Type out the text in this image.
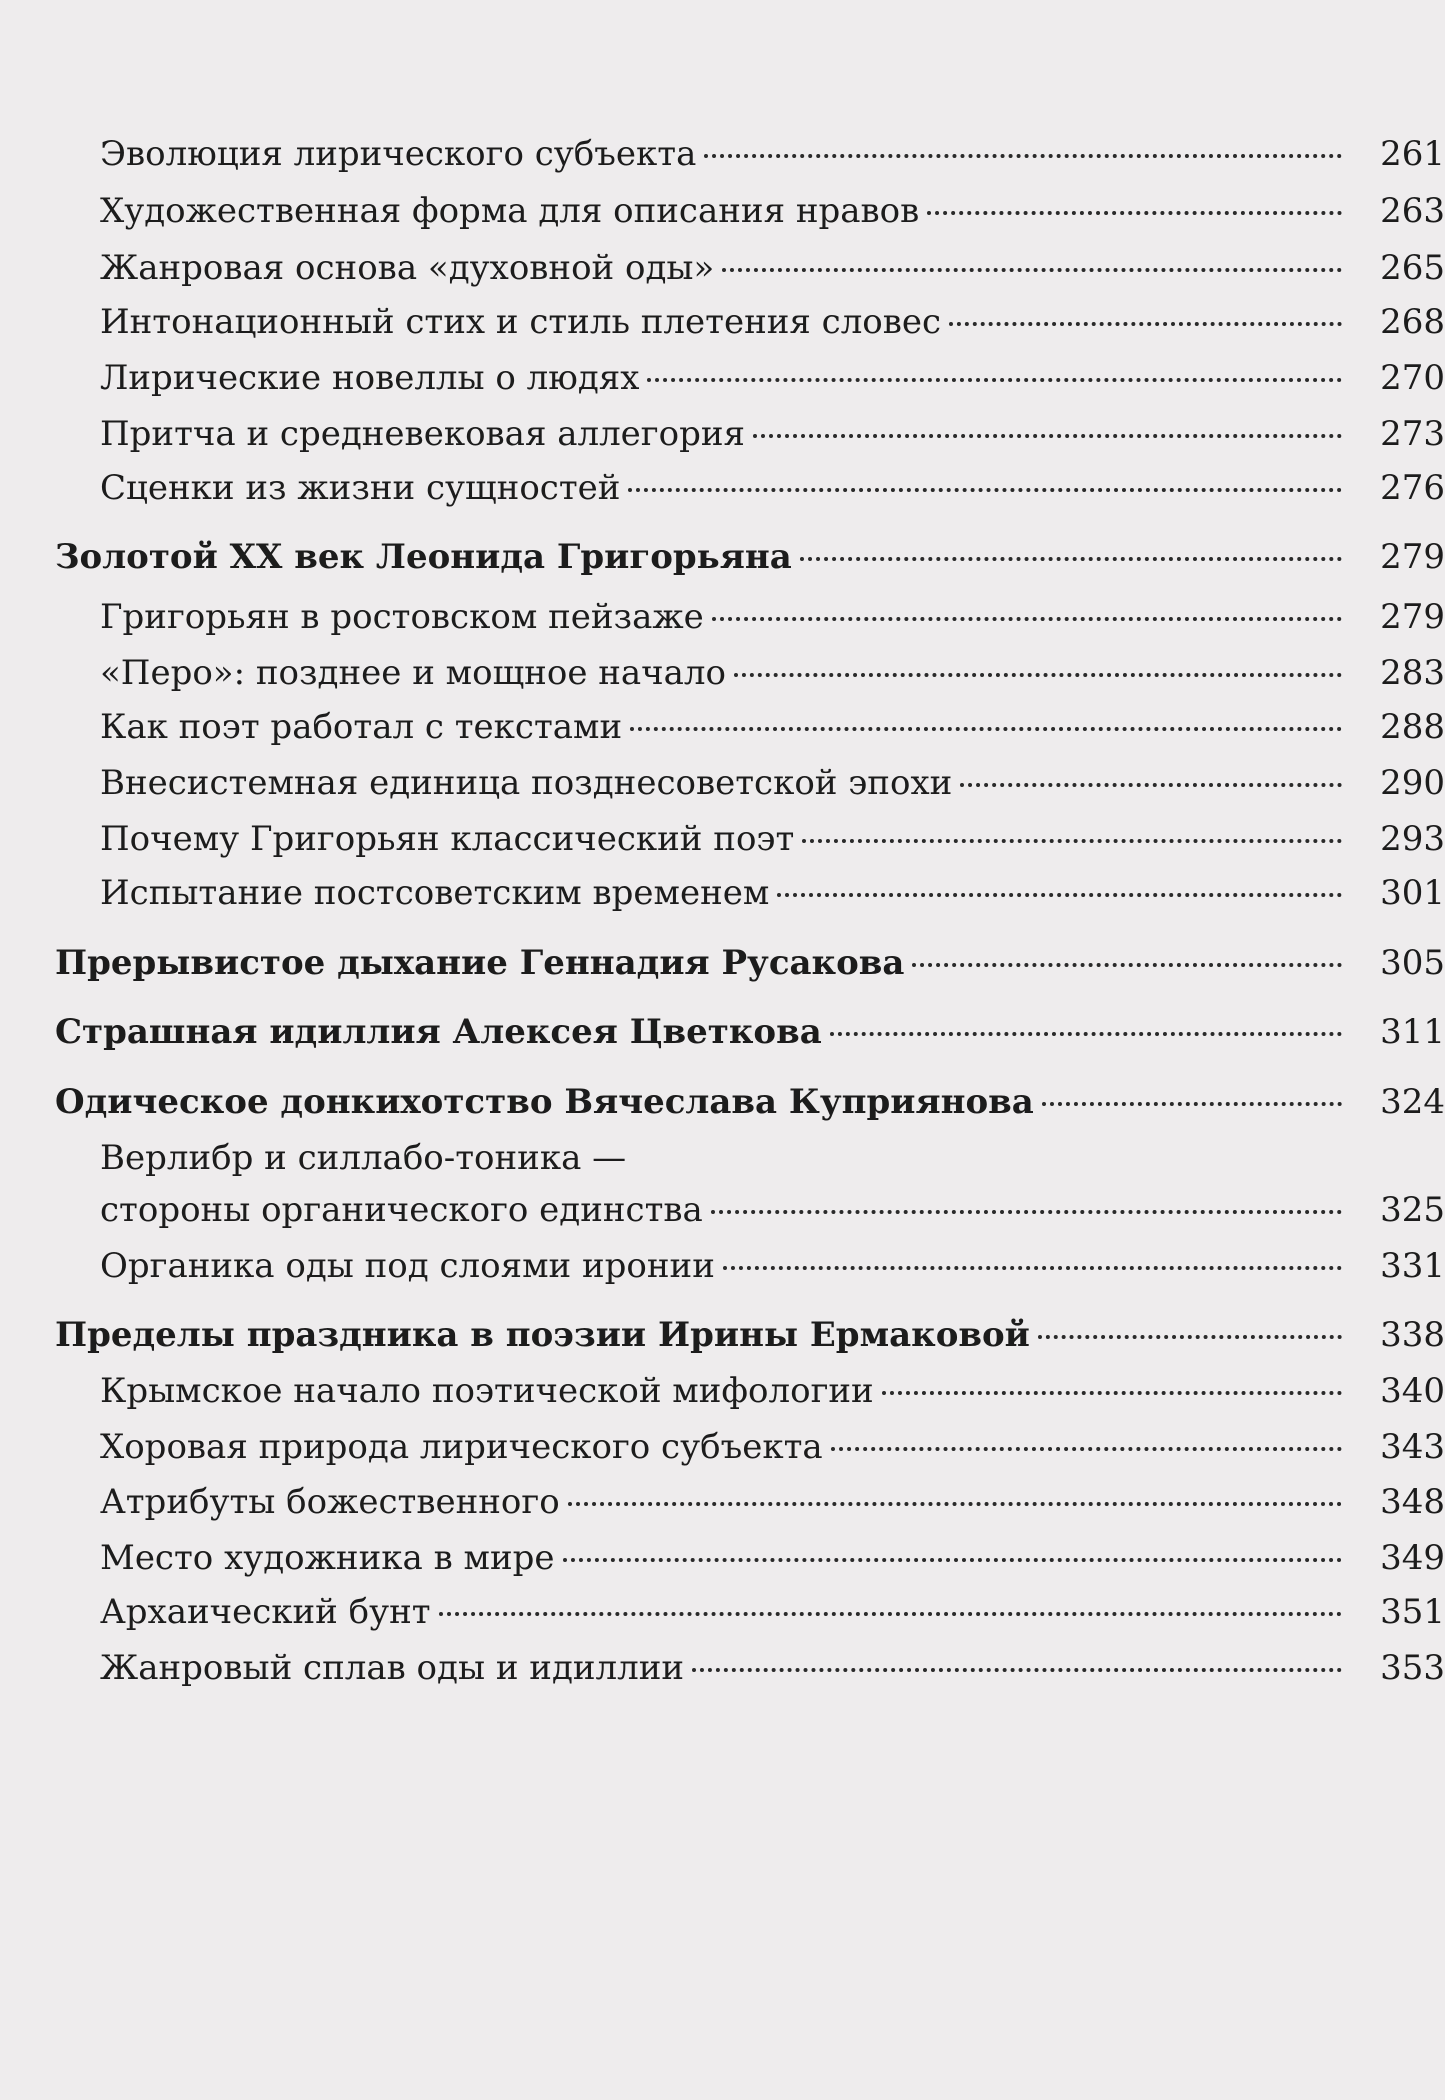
Эволюция лирического субъекта	261
Художественная форма для описания нравов	263
Жанровая основа «духовной оды»	265
Интонационный стих и стиль плетения словес	268
Лирические новеллы о людях	270
Притча и средневековая аллегория	273
Сценки из жизни сущностей	276
Золотой XX век Леонида Григорьяна	279
Григорьян в ростовском пейзаже	279
«Перо»: позднее и мощное начало	283
Как поэт работал с текстами	288
Внесистемная единица позднесоветской эпохи	290
Почему Григорьян классический поэт	293
Испытание постсоветским временем	301
Прерывистое дыхание Геннадия Русакова	305
Страшная идиллия Алексея Цветкова	311
Одическое донкихотство Вячеслава Куприянова	324
Верлибр и силлабо-тоника —
стороны органического единства	325
Органика оды под слоями иронии	331
Пределы праздника в поэзии Ирины Ермаковой	338
Крымское начало поэтической мифологии	340
Хоровая природа лирического субъекта	343
Атрибуты божественного	348
Место художника в мире	349
Архаический бунт	351
Жанровый сплав оды и идиллии	353
